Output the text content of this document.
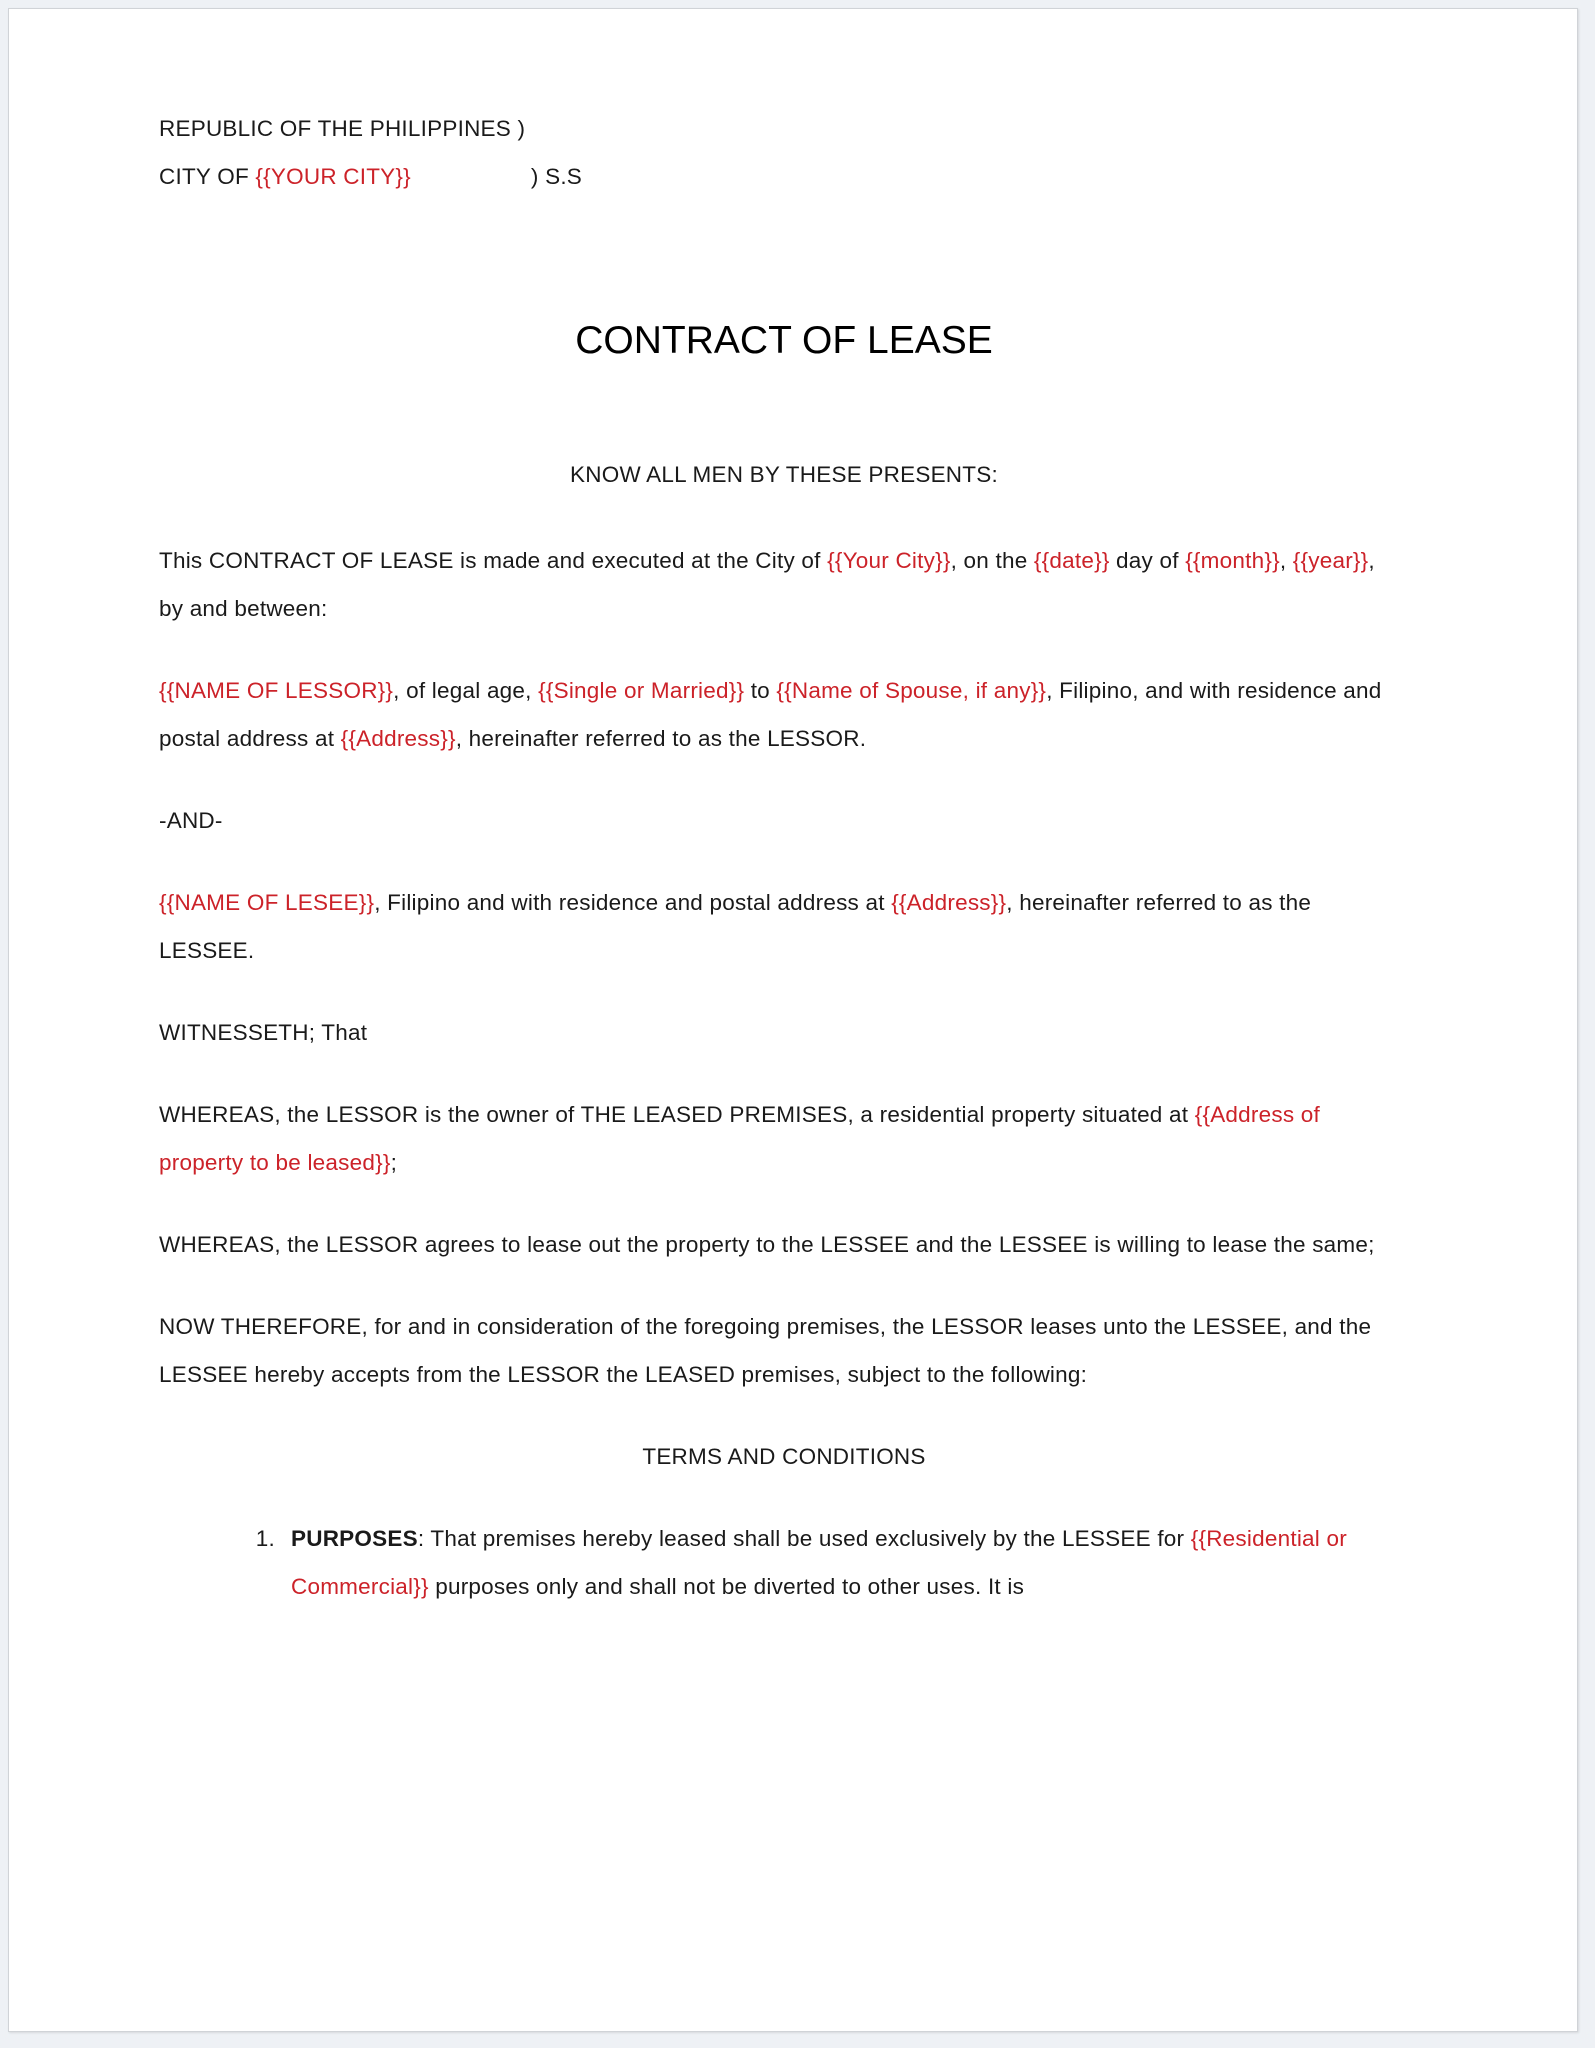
REPUBLIC OF THE PHILIPPINES )

CITY OF {{YOUR CITY}}	) S.S

CONTRACT OF LEASE

KNOW ALL MEN BY THESE PRESENTS:

This CONTRACT OF LEASE is made and executed at the City of {{Your City}}, on the {{date}} day of {{month}}, {{year}}, by and between:

{{NAME OF LESSOR}}, of legal age, {{Single or Married}} to {{Name of Spouse, if any}}, Filipino, and with residence and postal address at {{Address}}, hereinafter referred to as the LESSOR.

-AND-

{{NAME OF LESEE}}, Filipino and with residence and postal address at {{Address}}, hereinafter referred to as the LESSEE.

WITNESSETH; That

WHEREAS, the LESSOR is the owner of THE LEASED PREMISES, a residential property situated at {{Address of property to be leased}};

WHEREAS, the LESSOR agrees to lease out the property to the LESSEE and the LESSEE is willing to lease the same;

NOW THEREFORE, for and in consideration of the foregoing premises, the LESSOR leases unto the LESSEE, and the LESSEE hereby accepts from the LESSOR the LEASED premises, subject to the following:

TERMS AND CONDITIONS

1. PURPOSES: That premises hereby leased shall be used exclusively by the LESSEE for {{Residential or Commercial}} purposes only and shall not be diverted to other uses. It is
